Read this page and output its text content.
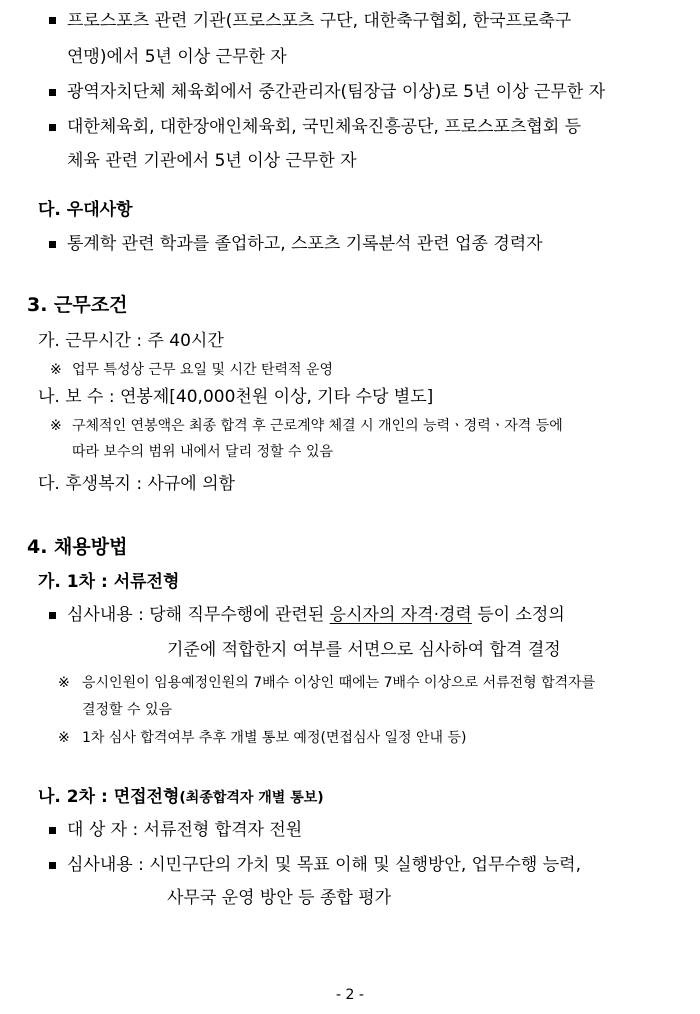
프로스포츠 관련 기관(프로스포츠 구단, 대한축구협회, 한국프로축구
연맹)에서 5년 이상 근무한 자
광역자치단체 체육회에서 중간관리자(팀장급 이상)로 5년 이상 근무한 자
대한체육회, 대한장애인체육회, 국민체육진흥공단, 프로스포츠협회 등
체육 관련 기관에서 5년 이상 근무한 자
다. 우대사항
통계학 관련 학과를 졸업하고, 스포츠 기록분석 관련 업종 경력자
3. 근무조건
가. 근무시간 : 주 40시간
※ 업무 특성상 근무 요일 및 시간 탄력적 운영
나. 보 수 : 연봉제[40,000천원 이상, 기타 수당 별도]
※ 구체적인 연봉액은 최종 합격 후 근로계약 체결 시 개인의 능력ㆍ경력ㆍ자격 등에
따라 보수의 범위 내에서 달리 정할 수 있음
다. 후생복지 : 사규에 의함
4. 채용방법
가. 1차 : 서류전형
심사내용 : 당해 직무수행에 관련된 응시자의 자격·경력 등이 소정의
기준에 적합한지 여부를 서면으로 심사하여 합격 결정
※ 응시인원이 임용예정인원의 7배수 이상인 때에는 7배수 이상으로 서류전형 합격자를
결정할 수 있음
※ 1차 심사 합격여부 추후 개별 통보 예정(면접심사 일정 안내 등)
나. 2차 : 면접전형(최종합격자 개별 통보)
대 상 자 : 서류전형 합격자 전원
심사내용 : 시민구단의 가치 및 목표 이해 및 실행방안, 업무수행 능력,
사무국 운영 방안 등 종합 평가
- 2 -
